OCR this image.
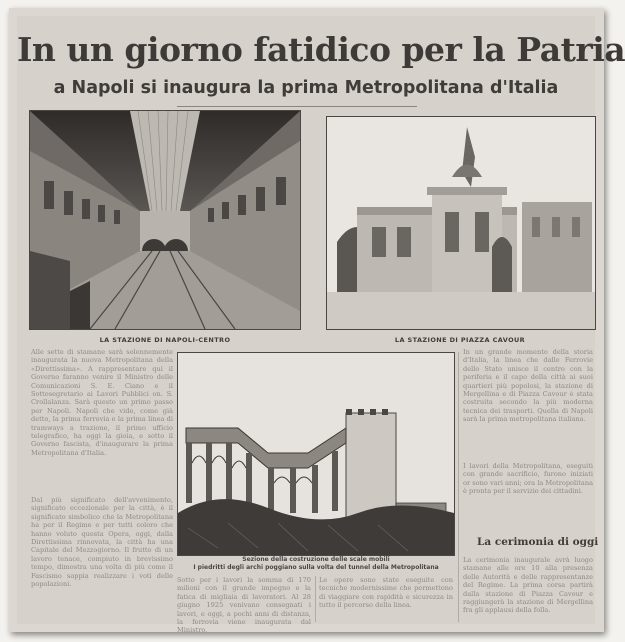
In un giorno fatidico per la Patria
a Napoli si inaugura la prima Metropolitana d'Italia

LA STAZIONE DI NAPOLI-CENTRO	LA STAZIONE DI PIAZZA CAVOUR

Alle sette di stamane sarà solennemente inaugurata la nuova Metropolitana della «Direttissima». A rappresentare qui il Governo faranno venire il Ministro delle Comunicazioni S. E. Ciano e il Sottosegretario ai Lavori Pubblici on. S. Crollalanza. Sarà questo un primo passo per Napoli. Napoli che vide, come già detto, la prima ferrovia e la prima linea di tramways a trazione, il primo ufficio telegrafico, ha oggi la gioia, e sotto il Governo fascista, d'inaugurare la prima Metropolitana d'Italia.

Dal più significato dell'avvenimento, significato eccezionale per la città, è il significato simbolico che la Metropolitana ha per il Regime e per tutti coloro che hanno voluto questa Opera, oggi, dalla Direttissima rinnovata, la città ha una Capitale del Mezzogiorno. Il frutto di un lavoro tenace, compiuto in brevissimo tempo, dimostra una volta di più come il Fascismo sappia realizzare i voti delle popolazioni.

Sezione della costruzione delle scale mobili

I piedritti degli archi poggiano sulla volta del tunnel della Metropolitana

Sotto per i lavori la somma di 170 milioni con il grande impegno e la fatica di migliaia di lavoratori. Al 28 giugno 1925 venivano consegnati i lavori, e oggi, a pochi anni di distanza, la ferrovia viene inaugurata dal Ministro.

Le opere sono state eseguite con tecniche modernissime che permettono di viaggiare con rapidità e sicurezza in tutto il percorso della linea.

In un grande momento della storia d'Italia, la linea che dalle Ferrovie dello Stato unisce il centro con la periferia e il capo della città ai suoi quartieri più popolosi, la stazione di Mergellina e di Piazza Cavour è stata costruita secondo la più moderna tecnica dei trasporti. Quella di Napoli sarà la prima metropolitana italiana.

I lavori della Metropolitana, eseguiti con grande sacrificio, furono iniziati or sono vari anni; ora la Metropolitana è pronta per il servizio dei cittadini.

La cerimonia di oggi

La cerimonia inaugurale avrà luogo stamane alle ore 10 alla presenza delle Autorità e delle rappresentanze del Regime. La prima corsa partirà dalla stazione di Piazza Cavour e raggiungerà la stazione di Mergellina fra gli applausi della folla.
